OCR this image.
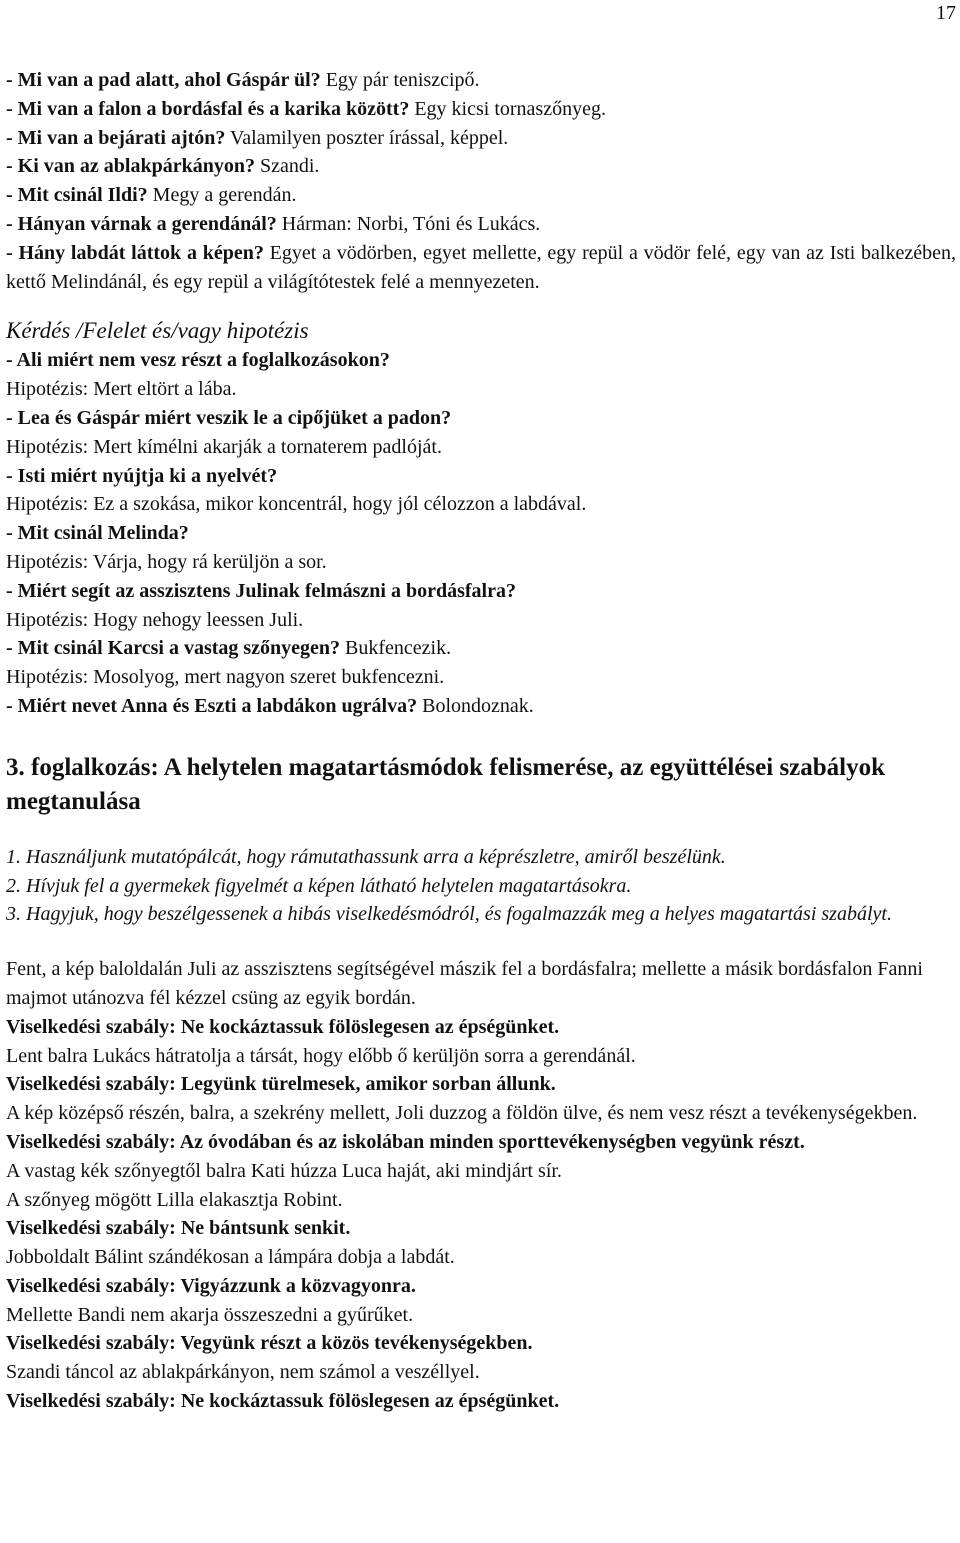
17
- Mi van a pad alatt, ahol Gáspár ül? Egy pár teniszcipő.
- Mi van a falon a bordásfal és a karika között? Egy kicsi tornaszőnyeg.
- Mi van a bejárati ajtón? Valamilyen poszter írással, képpel.
- Ki van az ablakpárkányon? Szandi.
- Mit csinál Ildi? Megy a gerendán.
- Hányan várnak a gerendánál? Hárman: Norbi, Tóni és Lukács.
- Hány labdát láttok a képen? Egyet a vödörben, egyet mellette, egy repül a vödör felé, egy van az Isti balkezében, kettő Melindánál, és egy repül a világítótestek felé a mennyezeten.
Kérdés /Felelet és/vagy hipotézis
- Ali miért nem vesz részt a foglalkozásokon?
Hipotézis: Mert eltört a lába.
- Lea és Gáspár miért veszik le a cipőjüket a padon?
Hipotézis: Mert kímélni akarják a tornaterem padlóját.
- Isti miért nyújtja ki a nyelvét?
Hipotézis: Ez a szokása, mikor koncentrál, hogy jól célozzon a labdával.
- Mit csinál Melinda?
Hipotézis: Várja, hogy rá kerüljön a sor.
- Miért segít az asszisztens Julinak felmászni a bordásfalra?
Hipotézis: Hogy nehogy leessen Juli.
- Mit csinál Karcsi a vastag szőnyegen? Bukfencezik.
Hipotézis: Mosolyog, mert nagyon szeret bukfencezni.
- Miért nevet Anna és Eszti a labdákon ugrálva? Bolondoznak.
3. foglalkozás: A helytelen magatartásmódok felismerése, az együttélései szabályok megtanulása
1. Használjunk mutatópálcát, hogy rámutathassunk arra a képrészletre, amiről beszélünk.
2. Hívjuk fel a gyermekek figyelmét a képen látható helytelen magatartásokra.
3. Hagyjuk, hogy beszélgessenek a hibás viselkedésmódról, és fogalmazzák meg a helyes magatartási szabályt.
Fent, a kép baloldalán Juli az asszisztens segítségével mászik fel a bordásfalra; mellette a másik bordásfalon Fanni majmot utánozva fél kézzel csüng az egyik bordán.
Viselkedési szabály: Ne kockáztassuk fölöslegesen az épségünket.
Lent balra Lukács hátratolja a társát, hogy előbb ő kerüljön sorra a gerendánál.
Viselkedési szabály: Legyünk türelmesek, amikor sorban állunk.
A kép középső részén, balra, a szekrény mellett, Joli duzzog a földön ülve, és nem vesz részt a tevékenységekben.
Viselkedési szabály: Az óvodában és az iskolában minden sporttevékenységben vegyünk részt.
A vastag kék szőnyegtől balra Kati húzza Luca haját, aki mindjárt sír.
A szőnyeg mögött Lilla elakasztja Robint.
Viselkedési szabály: Ne bántsunk senkit.
Jobboldalt Bálint szándékosan a lámpára dobja a labdát.
Viselkedési szabály: Vigyázzunk a közvagyonra.
Mellette Bandi nem akarja összeszedni a gyűrűket.
Viselkedési szabály: Vegyünk részt a közös tevékenységekben.
Szandi táncol az ablakpárkányon, nem számol a veszéllyel.
Viselkedési szabály: Ne kockáztassuk fölöslegesen az épségünket.
